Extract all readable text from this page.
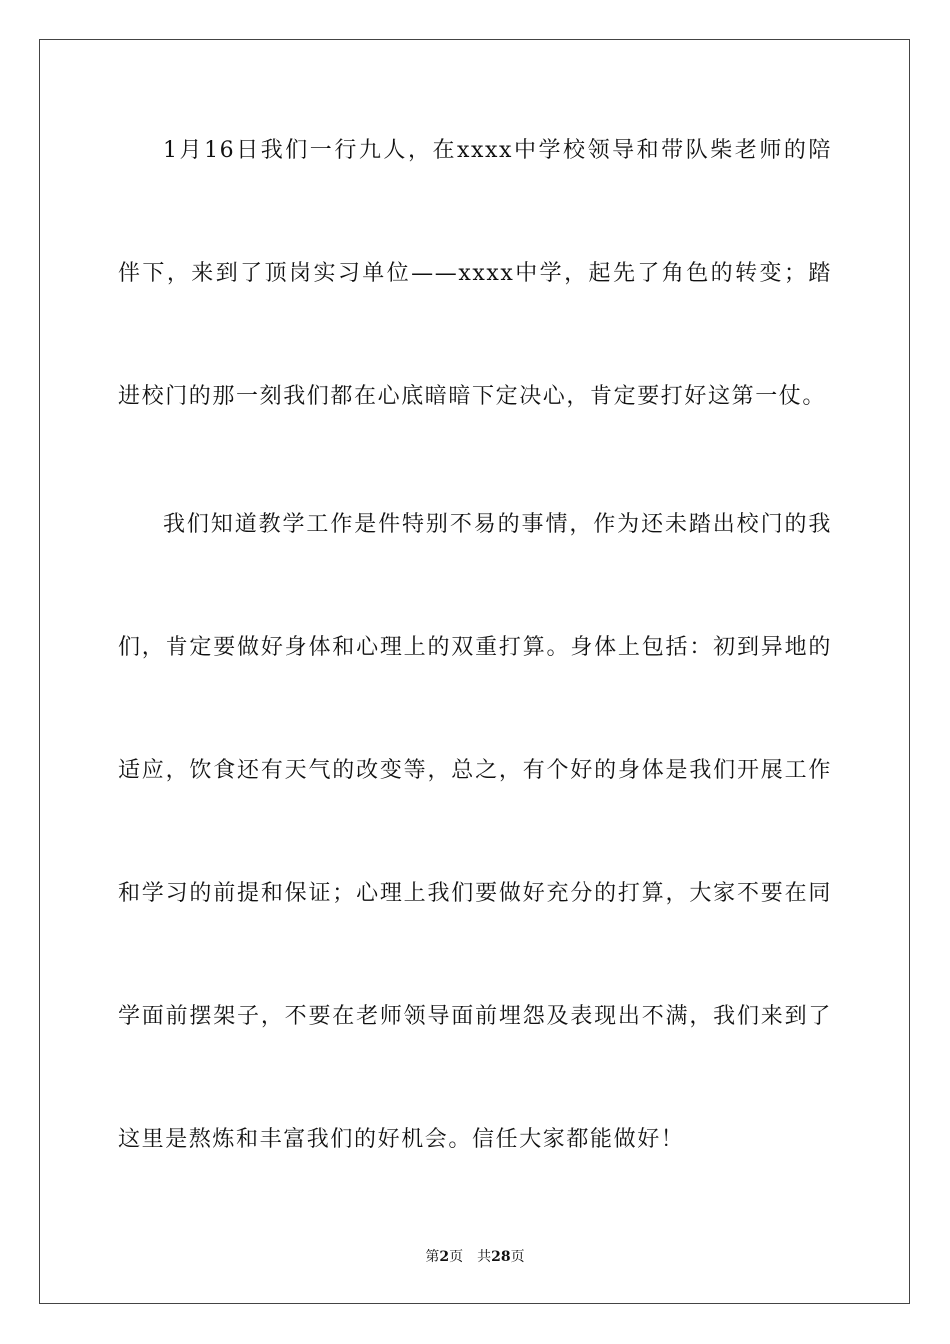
1月16日我们一行九人，在xxxx中学校领导和带队柴老师的陪
伴下，来到了顶岗实习单位——xxxx中学，起先了角色的转变；踏
进校门的那一刻我们都在心底暗暗下定决心，肯定要打好这第一仗。
我们知道教学工作是件特别不易的事情，作为还未踏出校门的我
们，肯定要做好身体和心理上的双重打算。身体上包括：初到异地的
适应，饮食还有天气的改变等，总之，有个好的身体是我们开展工作
和学习的前提和保证；心理上我们要做好充分的打算，大家不要在同
学面前摆架子，不要在老师领导面前埋怨及表现出不满，我们来到了
这里是熬炼和丰富我们的好机会。信任大家都能做好！
第2页 共28页
